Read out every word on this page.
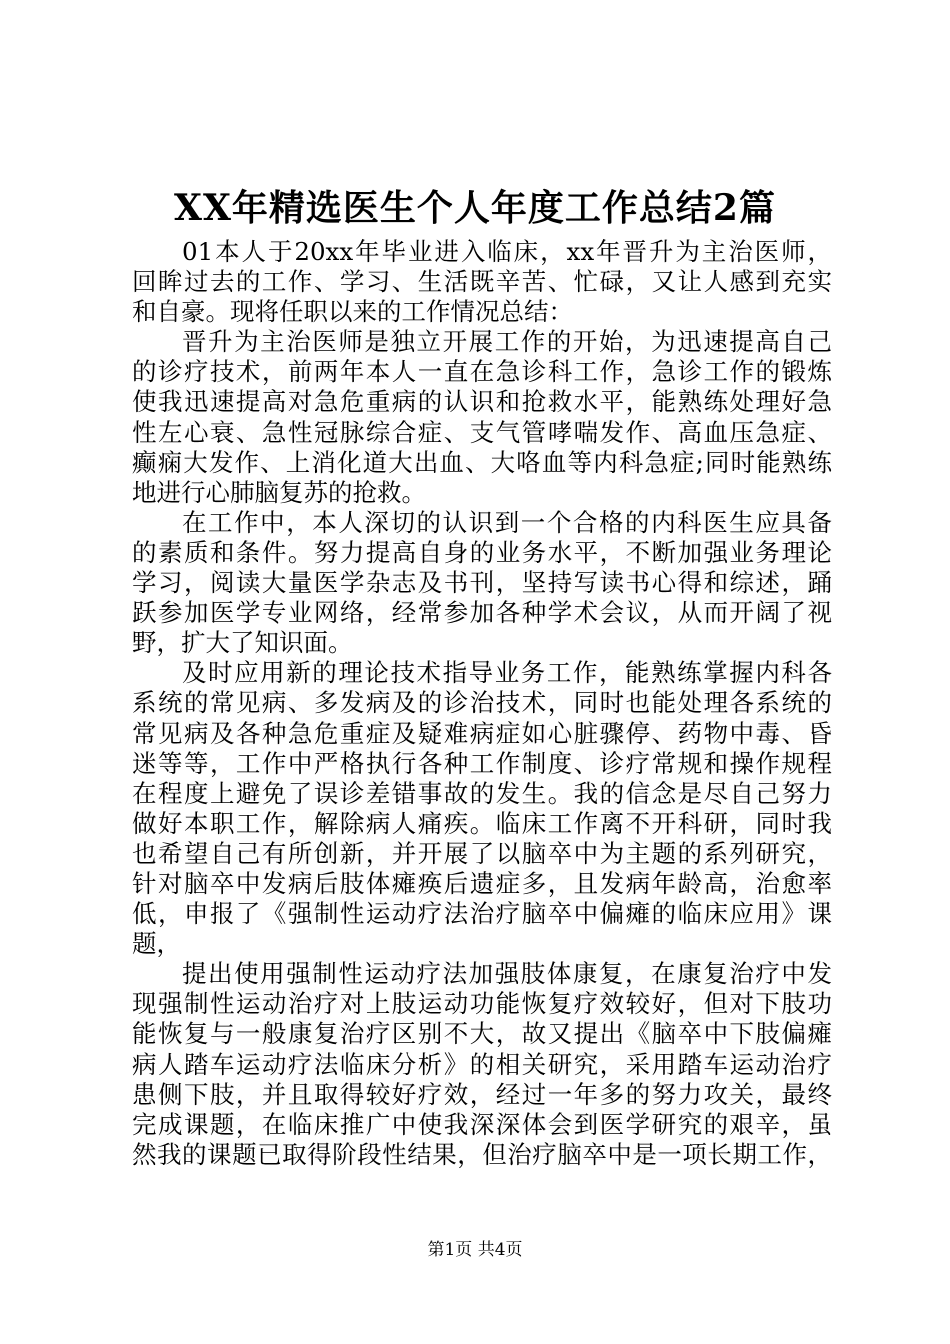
XX年精选医生个人年度工作总结2篇
01本人于20xx年毕业进入临床，xx年晋升为主治医师，
回眸过去的工作、学习、生活既辛苦、忙碌，又让人感到充实
和自豪。现将任职以来的工作情况总结：
晋升为主治医师是独立开展工作的开始，为迅速提高自己
的诊疗技术，前两年本人一直在急诊科工作，急诊工作的锻炼
使我迅速提高对急危重病的认识和抢救水平，能熟练处理好急
性左心衰、急性冠脉综合症、支气管哮喘发作、高血压急症、
癫痫大发作、上消化道大出血、大咯血等内科急症;同时能熟练
地进行心肺脑复苏的抢救。
在工作中，本人深切的认识到一个合格的内科医生应具备
的素质和条件。努力提高自身的业务水平，不断加强业务理论
学习，阅读大量医学杂志及书刊，坚持写读书心得和综述，踊
跃参加医学专业网络，经常参加各种学术会议，从而开阔了视
野，扩大了知识面。
及时应用新的理论技术指导业务工作，能熟练掌握内科各
系统的常见病、多发病及的诊治技术，同时也能处理各系统的
常见病及各种急危重症及疑难病症如心脏骤停、药物中毒、昏
迷等等，工作中严格执行各种工作制度、诊疗常规和操作规程
在程度上避免了误诊差错事故的发生。我的信念是尽自己努力
做好本职工作，解除病人痛疾。临床工作离不开科研，同时我
也希望自己有所创新，并开展了以脑卒中为主题的系列研究，
针对脑卒中发病后肢体瘫痪后遗症多，且发病年龄高，治愈率
低，申报了《强制性运动疗法治疗脑卒中偏瘫的临床应用》课
题，
提出使用强制性运动疗法加强肢体康复，在康复治疗中发
现强制性运动治疗对上肢运动功能恢复疗效较好，但对下肢功
能恢复与一般康复治疗区别不大，故又提出《脑卒中下肢偏瘫
病人踏车运动疗法临床分析》的相关研究，采用踏车运动治疗
患侧下肢，并且取得较好疗效，经过一年多的努力攻关，最终
完成课题，在临床推广中使我深深体会到医学研究的艰辛，虽
然我的课题已取得阶段性结果，但治疗脑卒中是一项长期工作，
第1页 共4页
